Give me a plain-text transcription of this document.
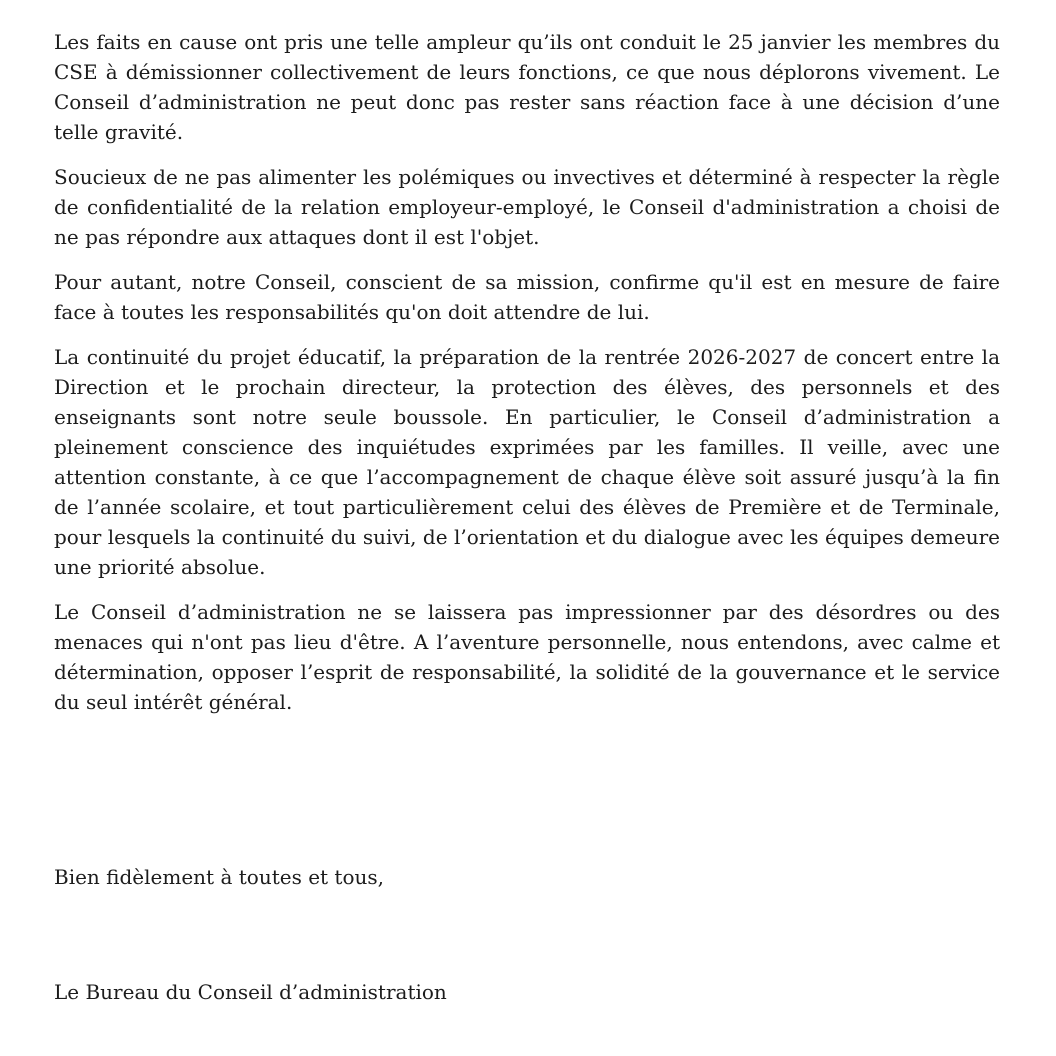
Les faits en cause ont pris une telle ampleur qu’ils ont conduit le 25 janvier les membres du CSE à démissionner collectivement de leurs fonctions, ce que nous déplorons vivement. Le Conseil d’administration ne peut donc pas rester sans réaction face à une décision d’une telle gravité.

Soucieux de ne pas alimenter les polémiques ou invectives et déterminé à respecter la règle de confidentialité de la relation employeur-employé, le Conseil d'administration a choisi de ne pas répondre aux attaques dont il est l'objet.

Pour autant, notre Conseil, conscient de sa mission, confirme qu'il est en mesure de faire face à toutes les responsabilités qu'on doit attendre de lui.

La continuité du projet éducatif, la préparation de la rentrée 2026-2027 de concert entre la Direction et le prochain directeur, la protection des élèves, des personnels et des enseignants sont notre seule boussole. En particulier, le Conseil d’administration a pleinement conscience des inquiétudes exprimées par les familles. Il veille, avec une attention constante, à ce que l’accompagnement de chaque élève soit assuré jusqu’à la fin de l’année scolaire, et tout particulièrement celui des élèves de Première et de Terminale, pour lesquels la continuité du suivi, de l’orientation et du dialogue avec les équipes demeure une priorité absolue.

Le Conseil d’administration ne se laissera pas impressionner par des désordres ou des menaces qui n'ont pas lieu d'être. A l’aventure personnelle, nous entendons, avec calme et détermination, opposer l’esprit de responsabilité, la solidité de la gouvernance et le service du seul intérêt général.

Bien fidèlement à toutes et tous,

Le Bureau du Conseil d’administration
